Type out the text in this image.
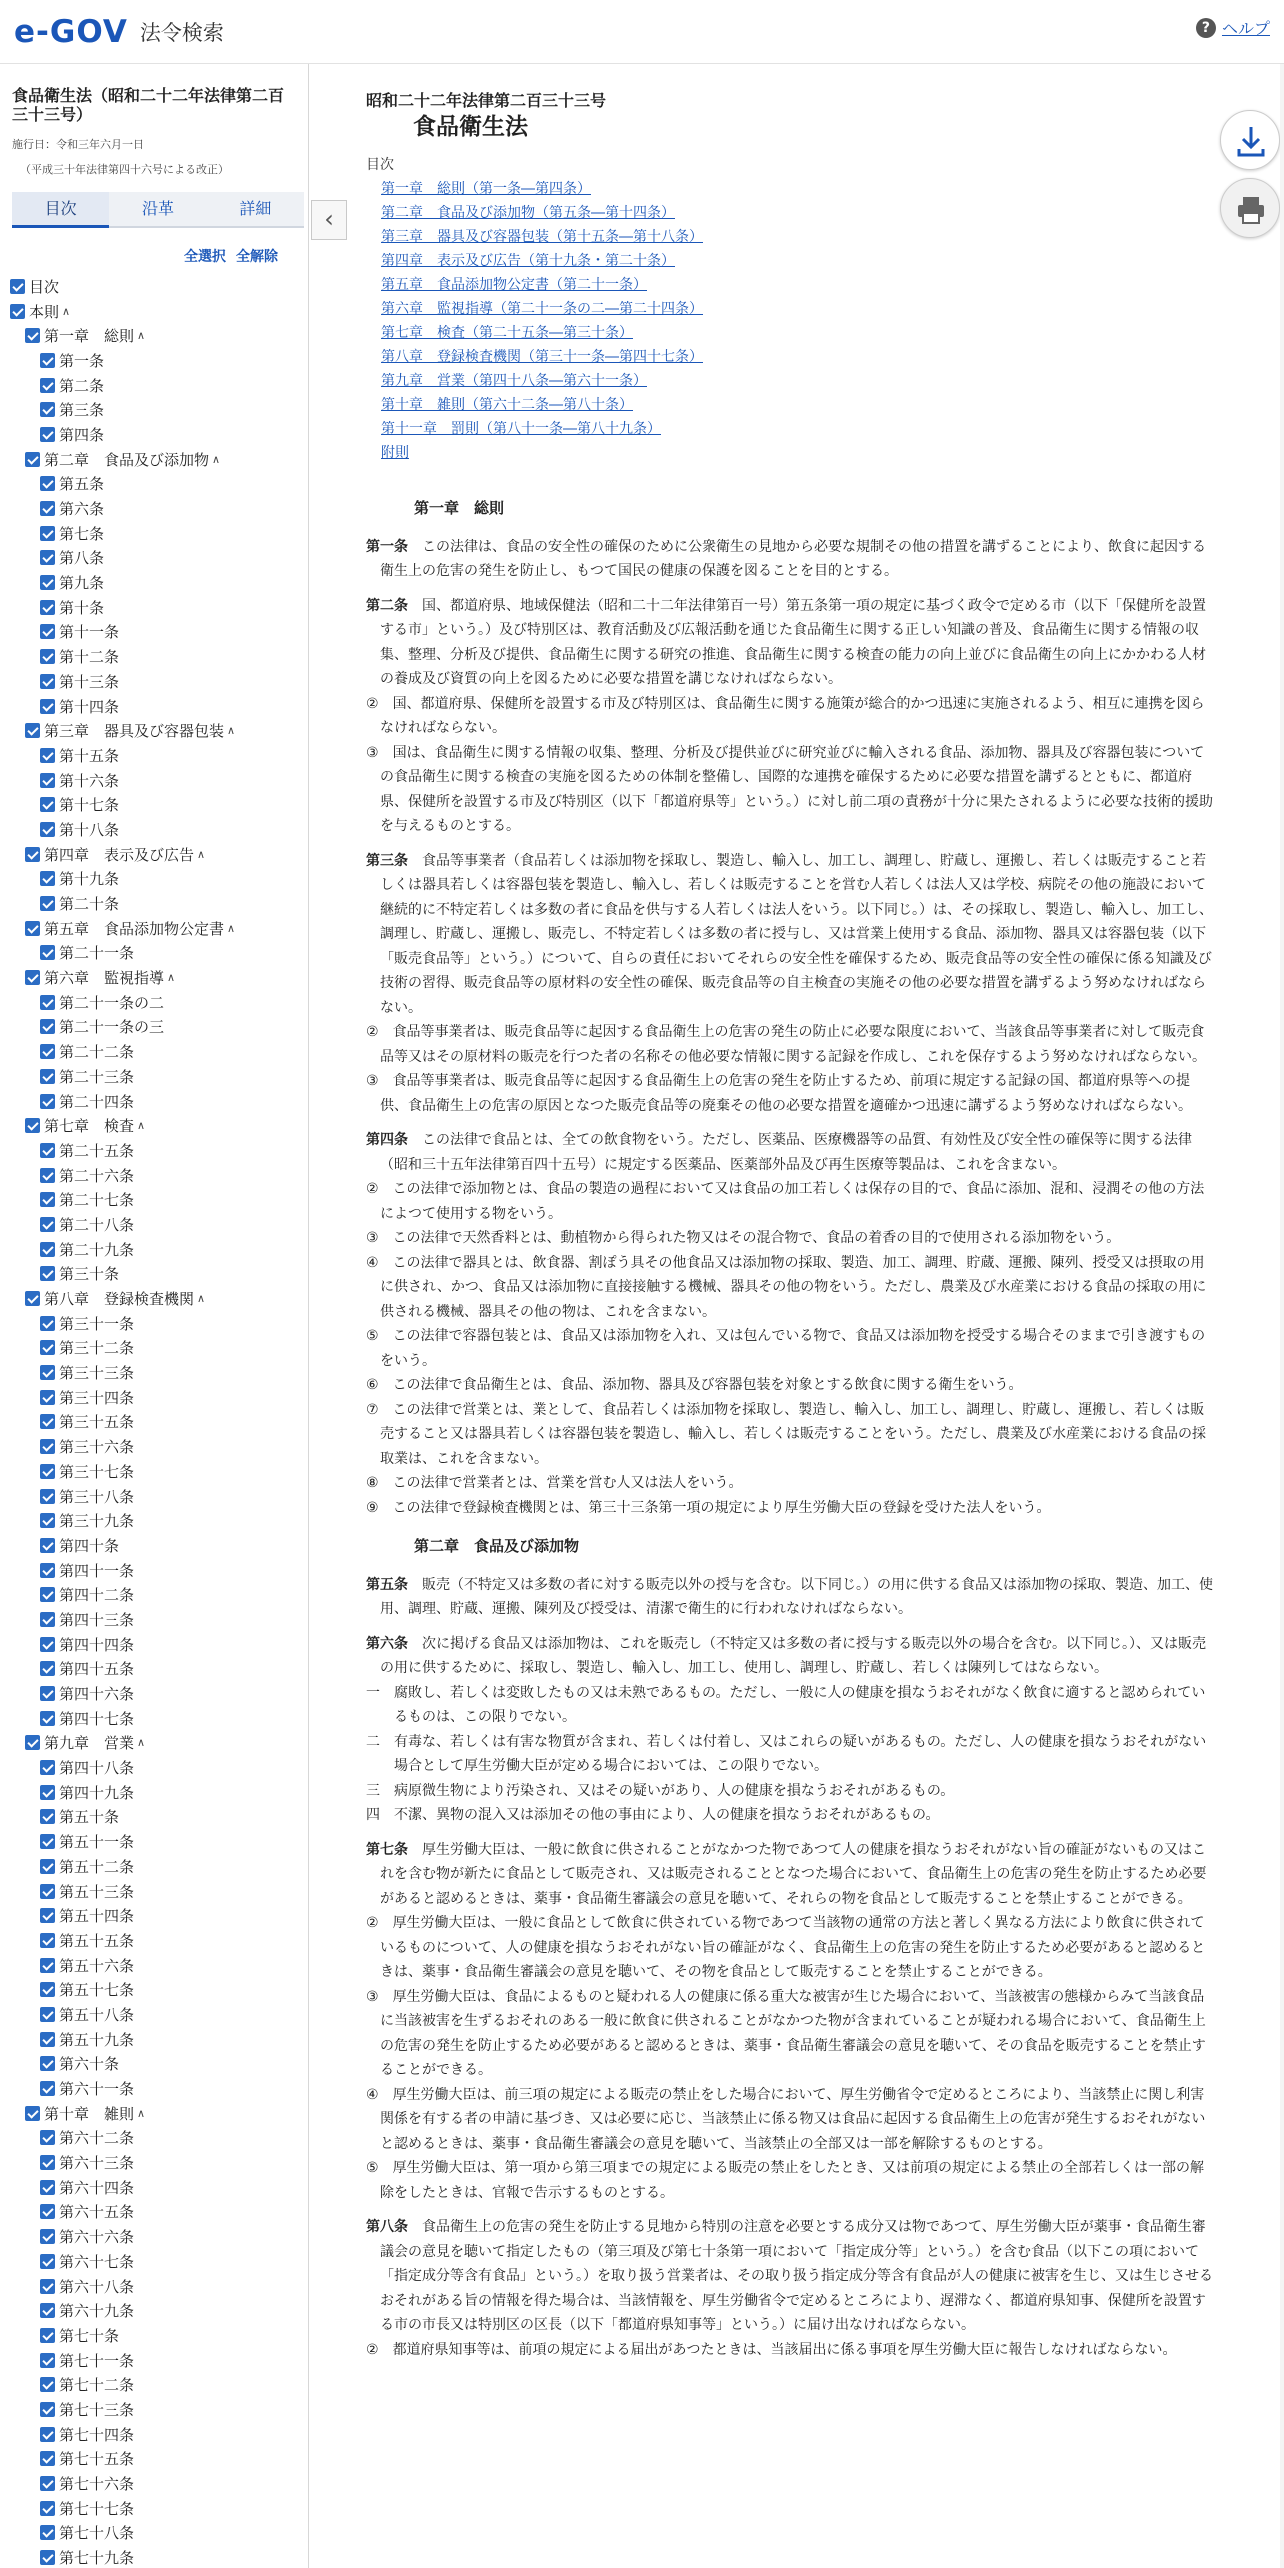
e-GOV 法令検索	? ヘルプ
食品衛生法（昭和二十二年法律第二百三十三号）
施行日：令和三年六月一日
（平成三十年法律第四十六号による改正）
目次	沿革	詳細
全選択 全解除
目次
本則 ∧
第一章　総則 ∧
第一条
第二条
第三条
第四条
第二章　食品及び添加物 ∧
第五条
第六条
第七条
第八条
第九条
第十条
第十一条
第十二条
第十三条
第十四条
第三章　器具及び容器包装 ∧
第十五条
第十六条
第十七条
第十八条
第四章　表示及び広告 ∧
第十九条
第二十条
第五章　食品添加物公定書 ∧
第二十一条
第六章　監視指導 ∧
第二十一条の二
第二十一条の三
第二十二条
第二十三条
第二十四条
第七章　検査 ∧
第二十五条
第二十六条
第二十七条
第二十八条
第二十九条
第三十条
第八章　登録検査機関 ∧
第三十一条
第三十二条
第三十三条
第三十四条
第三十五条
第三十六条
第三十七条
第三十八条
第三十九条
第四十条
第四十一条
第四十二条
第四十三条
第四十四条
第四十五条
第四十六条
第四十七条
第九章　営業 ∧
第四十八条
第四十九条
第五十条
第五十一条
第五十二条
第五十三条
第五十四条
第五十五条
第五十六条
第五十七条
第五十八条
第五十九条
第六十条
第六十一条
第十章　雑則 ∧
第六十二条
第六十三条
第六十四条
第六十五条
第六十六条
第六十七条
第六十八条
第六十九条
第七十条
第七十一条
第七十二条
第七十三条
第七十四条
第七十五条
第七十六条
第七十七条
第七十八条
第七十九条
‹
昭和二十二年法律第二百三十三号
食品衛生法
目次
第一章　総則（第一条―第四条）
第二章　食品及び添加物（第五条―第十四条）
第三章　器具及び容器包装（第十五条―第十八条）
第四章　表示及び広告（第十九条・第二十条）
第五章　食品添加物公定書（第二十一条）
第六章　監視指導（第二十一条の二―第二十四条）
第七章　検査（第二十五条―第三十条）
第八章　登録検査機関（第三十一条―第四十七条）
第九章　営業（第四十八条―第六十一条）
第十章　雑則（第六十二条―第八十条）
第十一章　罰則（第八十一条―第八十九条）
附則
第一章　総則

第一条　 この法律は、食品の安全性の確保のために公衆衛生の見地から必要な規制その他の措置を講ずることにより、飲食に起因する衛生上の危害の発生を防止し、もつて国民の健康の保護を図ることを目的とする。

第二条　 国、都道府県、地域保健法（昭和二十二年法律第百一号）第五条第一項の規定に基づく政令で定める市（以下「保健所を設置する市」という。）及び特別区は、教育活動及び広報活動を通じた食品衛生に関する正しい知識の普及、食品衛生に関する情報の収集、整理、分析及び提供、食品衛生に関する研究の推進、食品衛生に関する検査の能力の向上並びに食品衛生の向上にかかわる人材の養成及び資質の向上を図るために必要な措置を講じなければならない。

②　 国、都道府県、保健所を設置する市及び特別区は、食品衛生に関する施策が総合的かつ迅速に実施されるよう、相互に連携を図らなければならない。

③　 国は、食品衛生に関する情報の収集、整理、分析及び提供並びに研究並びに輸入される食品、添加物、器具及び容器包装についての食品衛生に関する検査の実施を図るための体制を整備し、国際的な連携を確保するために必要な措置を講ずるとともに、都道府県、保健所を設置する市及び特別区（以下「都道府県等」という。）に対し前二項の責務が十分に果たされるように必要な技術的援助を与えるものとする。

第三条　 食品等事業者（食品若しくは添加物を採取し、製造し、輸入し、加工し、調理し、貯蔵し、運搬し、若しくは販売すること若しくは器具若しくは容器包装を製造し、輸入し、若しくは販売することを営む人若しくは法人又は学校、病院その他の施設において継続的に不特定若しくは多数の者に食品を供与する人若しくは法人をいう。以下同じ。）は、その採取し、製造し、輸入し、加工し、調理し、貯蔵し、運搬し、販売し、不特定若しくは多数の者に授与し、又は営業上使用する食品、添加物、器具又は容器包装（以下「販売食品等」という。）について、自らの責任においてそれらの安全性を確保するため、販売食品等の安全性の確保に係る知識及び技術の習得、販売食品等の原材料の安全性の確保、販売食品等の自主検査の実施その他の必要な措置を講ずるよう努めなければならない。

②　 食品等事業者は、販売食品等に起因する食品衛生上の危害の発生の防止に必要な限度において、当該食品等事業者に対して販売食品等又はその原材料の販売を行つた者の名称その他必要な情報に関する記録を作成し、これを保存するよう努めなければならない。

③　 食品等事業者は、販売食品等に起因する食品衛生上の危害の発生を防止するため、前項に規定する記録の国、都道府県等への提供、食品衛生上の危害の原因となつた販売食品等の廃棄その他の必要な措置を適確かつ迅速に講ずるよう努めなければならない。

第四条　 この法律で食品とは、全ての飲食物をいう。ただし、医薬品、医療機器等の品質、有効性及び安全性の確保等に関する法律（昭和三十五年法律第百四十五号）に規定する医薬品、医薬部外品及び再生医療等製品は、これを含まない。

②　 この法律で添加物とは、食品の製造の過程において又は食品の加工若しくは保存の目的で、食品に添加、混和、浸潤その他の方法によつて使用する物をいう。

③　 この法律で天然香料とは、動植物から得られた物又はその混合物で、食品の着香の目的で使用される添加物をいう。

④　 この法律で器具とは、飲食器、割ぽう具その他食品又は添加物の採取、製造、加工、調理、貯蔵、運搬、陳列、授受又は摂取の用に供され、かつ、食品又は添加物に直接接触する機械、器具その他の物をいう。ただし、農業及び水産業における食品の採取の用に供される機械、器具その他の物は、これを含まない。

⑤　 この法律で容器包装とは、食品又は添加物を入れ、又は包んでいる物で、食品又は添加物を授受する場合そのままで引き渡すものをいう。

⑥　 この法律で食品衛生とは、食品、添加物、器具及び容器包装を対象とする飲食に関する衛生をいう。

⑦　 この法律で営業とは、業として、食品若しくは添加物を採取し、製造し、輸入し、加工し、調理し、貯蔵し、運搬し、若しくは販売すること又は器具若しくは容器包装を製造し、輸入し、若しくは販売することをいう。ただし、農業及び水産業における食品の採取業は、これを含まない。

⑧　 この法律で営業者とは、営業を営む人又は法人をいう。

⑨　 この法律で登録検査機関とは、第三十三条第一項の規定により厚生労働大臣の登録を受けた法人をいう。

第二章　食品及び添加物

第五条　 販売（不特定又は多数の者に対する販売以外の授与を含む。以下同じ。）の用に供する食品又は添加物の採取、製造、加工、使用、調理、貯蔵、運搬、陳列及び授受は、清潔で衛生的に行われなければならない。

第六条　 次に掲げる食品又は添加物は、これを販売し（不特定又は多数の者に授与する販売以外の場合を含む。以下同じ。）、又は販売の用に供するために、採取し、製造し、輸入し、加工し、使用し、調理し、貯蔵し、若しくは陳列してはならない。

一　 腐敗し、若しくは変敗したもの又は未熟であるもの。ただし、一般に人の健康を損なうおそれがなく飲食に適すると認められているものは、この限りでない。

二　 有毒な、若しくは有害な物質が含まれ、若しくは付着し、又はこれらの疑いがあるもの。ただし、人の健康を損なうおそれがない場合として厚生労働大臣が定める場合においては、この限りでない。

三　 病原微生物により汚染され、又はその疑いがあり、人の健康を損なうおそれがあるもの。

四　 不潔、異物の混入又は添加その他の事由により、人の健康を損なうおそれがあるもの。

第七条　 厚生労働大臣は、一般に飲食に供されることがなかつた物であつて人の健康を損なうおそれがない旨の確証がないもの又はこれを含む物が新たに食品として販売され、又は販売されることとなつた場合において、食品衛生上の危害の発生を防止するため必要があると認めるときは、薬事・食品衛生審議会の意見を聴いて、それらの物を食品として販売することを禁止することができる。

②　 厚生労働大臣は、一般に食品として飲食に供されている物であつて当該物の通常の方法と著しく異なる方法により飲食に供されているものについて、人の健康を損なうおそれがない旨の確証がなく、食品衛生上の危害の発生を防止するため必要があると認めるときは、薬事・食品衛生審議会の意見を聴いて、その物を食品として販売することを禁止することができる。

③　 厚生労働大臣は、食品によるものと疑われる人の健康に係る重大な被害が生じた場合において、当該被害の態様からみて当該食品に当該被害を生ずるおそれのある一般に飲食に供されることがなかつた物が含まれていることが疑われる場合において、食品衛生上の危害の発生を防止するため必要があると認めるときは、薬事・食品衛生審議会の意見を聴いて、その食品を販売することを禁止することができる。

④　 厚生労働大臣は、前三項の規定による販売の禁止をした場合において、厚生労働省令で定めるところにより、当該禁止に関し利害関係を有する者の申請に基づき、又は必要に応じ、当該禁止に係る物又は食品に起因する食品衛生上の危害が発生するおそれがないと認めるときは、薬事・食品衛生審議会の意見を聴いて、当該禁止の全部又は一部を解除するものとする。

⑤　 厚生労働大臣は、第一項から第三項までの規定による販売の禁止をしたとき、又は前項の規定による禁止の全部若しくは一部の解除をしたときは、官報で告示するものとする。

第八条　 食品衛生上の危害の発生を防止する見地から特別の注意を必要とする成分又は物であつて、厚生労働大臣が薬事・食品衛生審議会の意見を聴いて指定したもの（第三項及び第七十条第一項において「指定成分等」という。）を含む食品（以下この項において「指定成分等含有食品」という。）を取り扱う営業者は、その取り扱う指定成分等含有食品が人の健康に被害を生じ、又は生じさせるおそれがある旨の情報を得た場合は、当該情報を、厚生労働省令で定めるところにより、遅滞なく、都道府県知事、保健所を設置する市の市長又は特別区の区長（以下「都道府県知事等」という。）に届け出なければならない。

②　 都道府県知事等は、前項の規定による届出があつたときは、当該届出に係る事項を厚生労働大臣に報告しなければならない。
